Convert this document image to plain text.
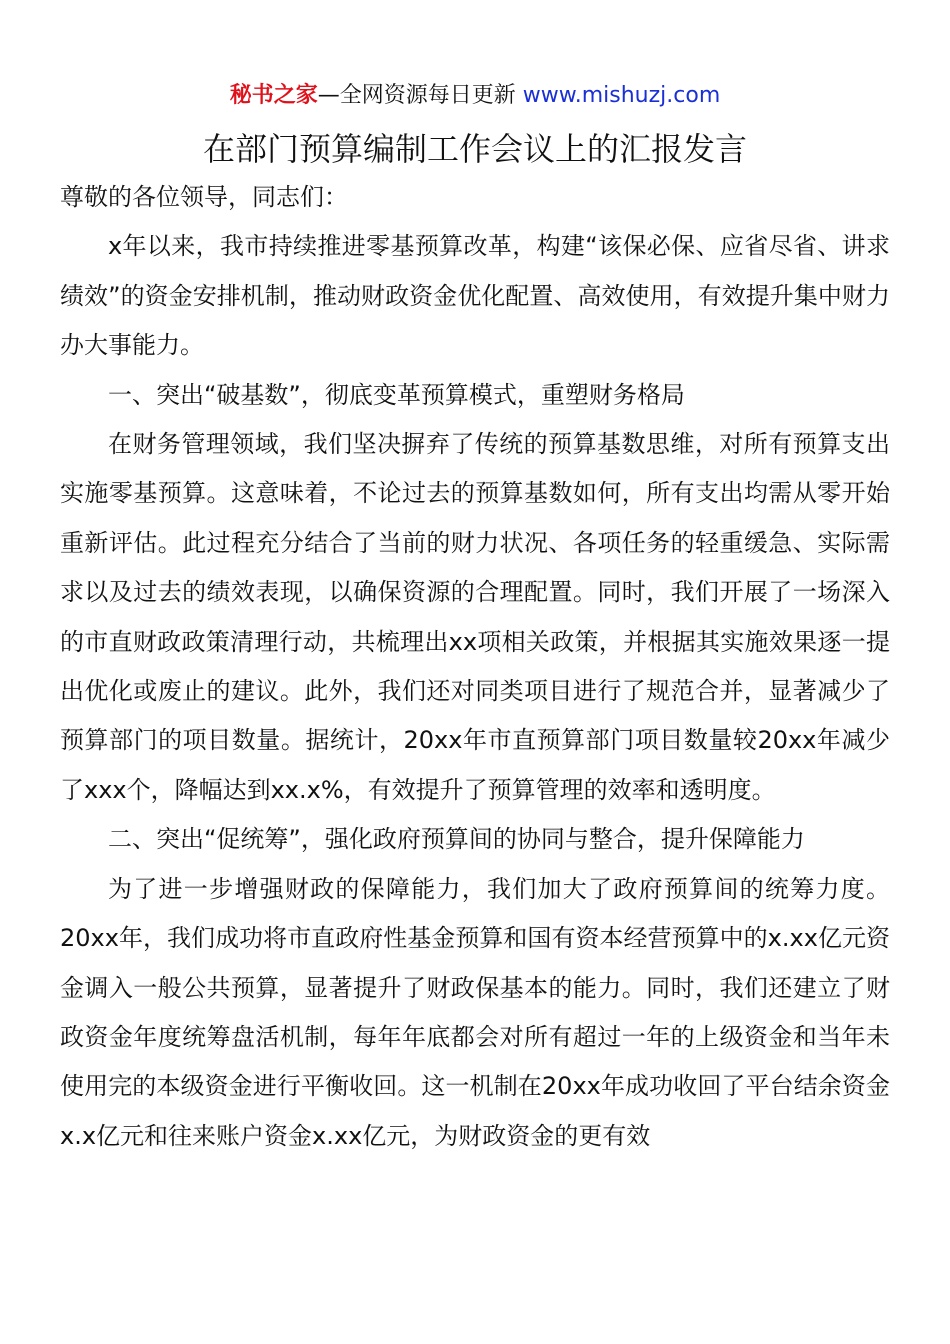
秘书之家—全网资源每日更新 www.mishuzj.com
在部门预算编制工作会议上的汇报发言

尊敬的各位领导，同志们：

x年以来，我市持续推进零基预算改革，构建“该保必保、应省尽省、讲求绩效”的资金安排机制，推动财政资金优化配置、高效使用，有效提升集中财力办大事能力。

一、突出“破基数”，彻底变革预算模式，重塑财务格局

在财务管理领域，我们坚决摒弃了传统的预算基数思维，对所有预算支出实施零基预算。这意味着，不论过去的预算基数如何，所有支出均需从零开始重新评估。此过程充分结合了当前的财力状况、各项任务的轻重缓急、实际需求以及过去的绩效表现，以确保资源的合理配置。同时，我们开展了一场深入的市直财政政策清理行动，共梳理出xx项相关政策，并根据其实施效果逐一提出优化或废止的建议。此外，我们还对同类项目进行了规范合并，显著减少了预算部门的项目数量。据统计，20xx年市直预算部门项目数量较20xx年减少了xxx个，降幅达到xx.x%，有效提升了预算管理的效率和透明度。

二、突出“促统筹”，强化政府预算间的协同与整合，提升保障能力

为了进一步增强财政的保障能力，我们加大了政府预算间的统筹力度。20xx年，我们成功将市直政府性基金预算和国有资本经营预算中的x.xx亿元资金调入一般公共预算，显著提升了财政保基本的能力。同时，我们还建立了财政资金年度统筹盘活机制，每年年底都会对所有超过一年的上级资金和当年未使用完的本级资金进行平衡收回。这一机制在20xx年成功收回了平台结余资金x.x亿元和往来账户资金x.xx亿元，为财政资金的更有效
